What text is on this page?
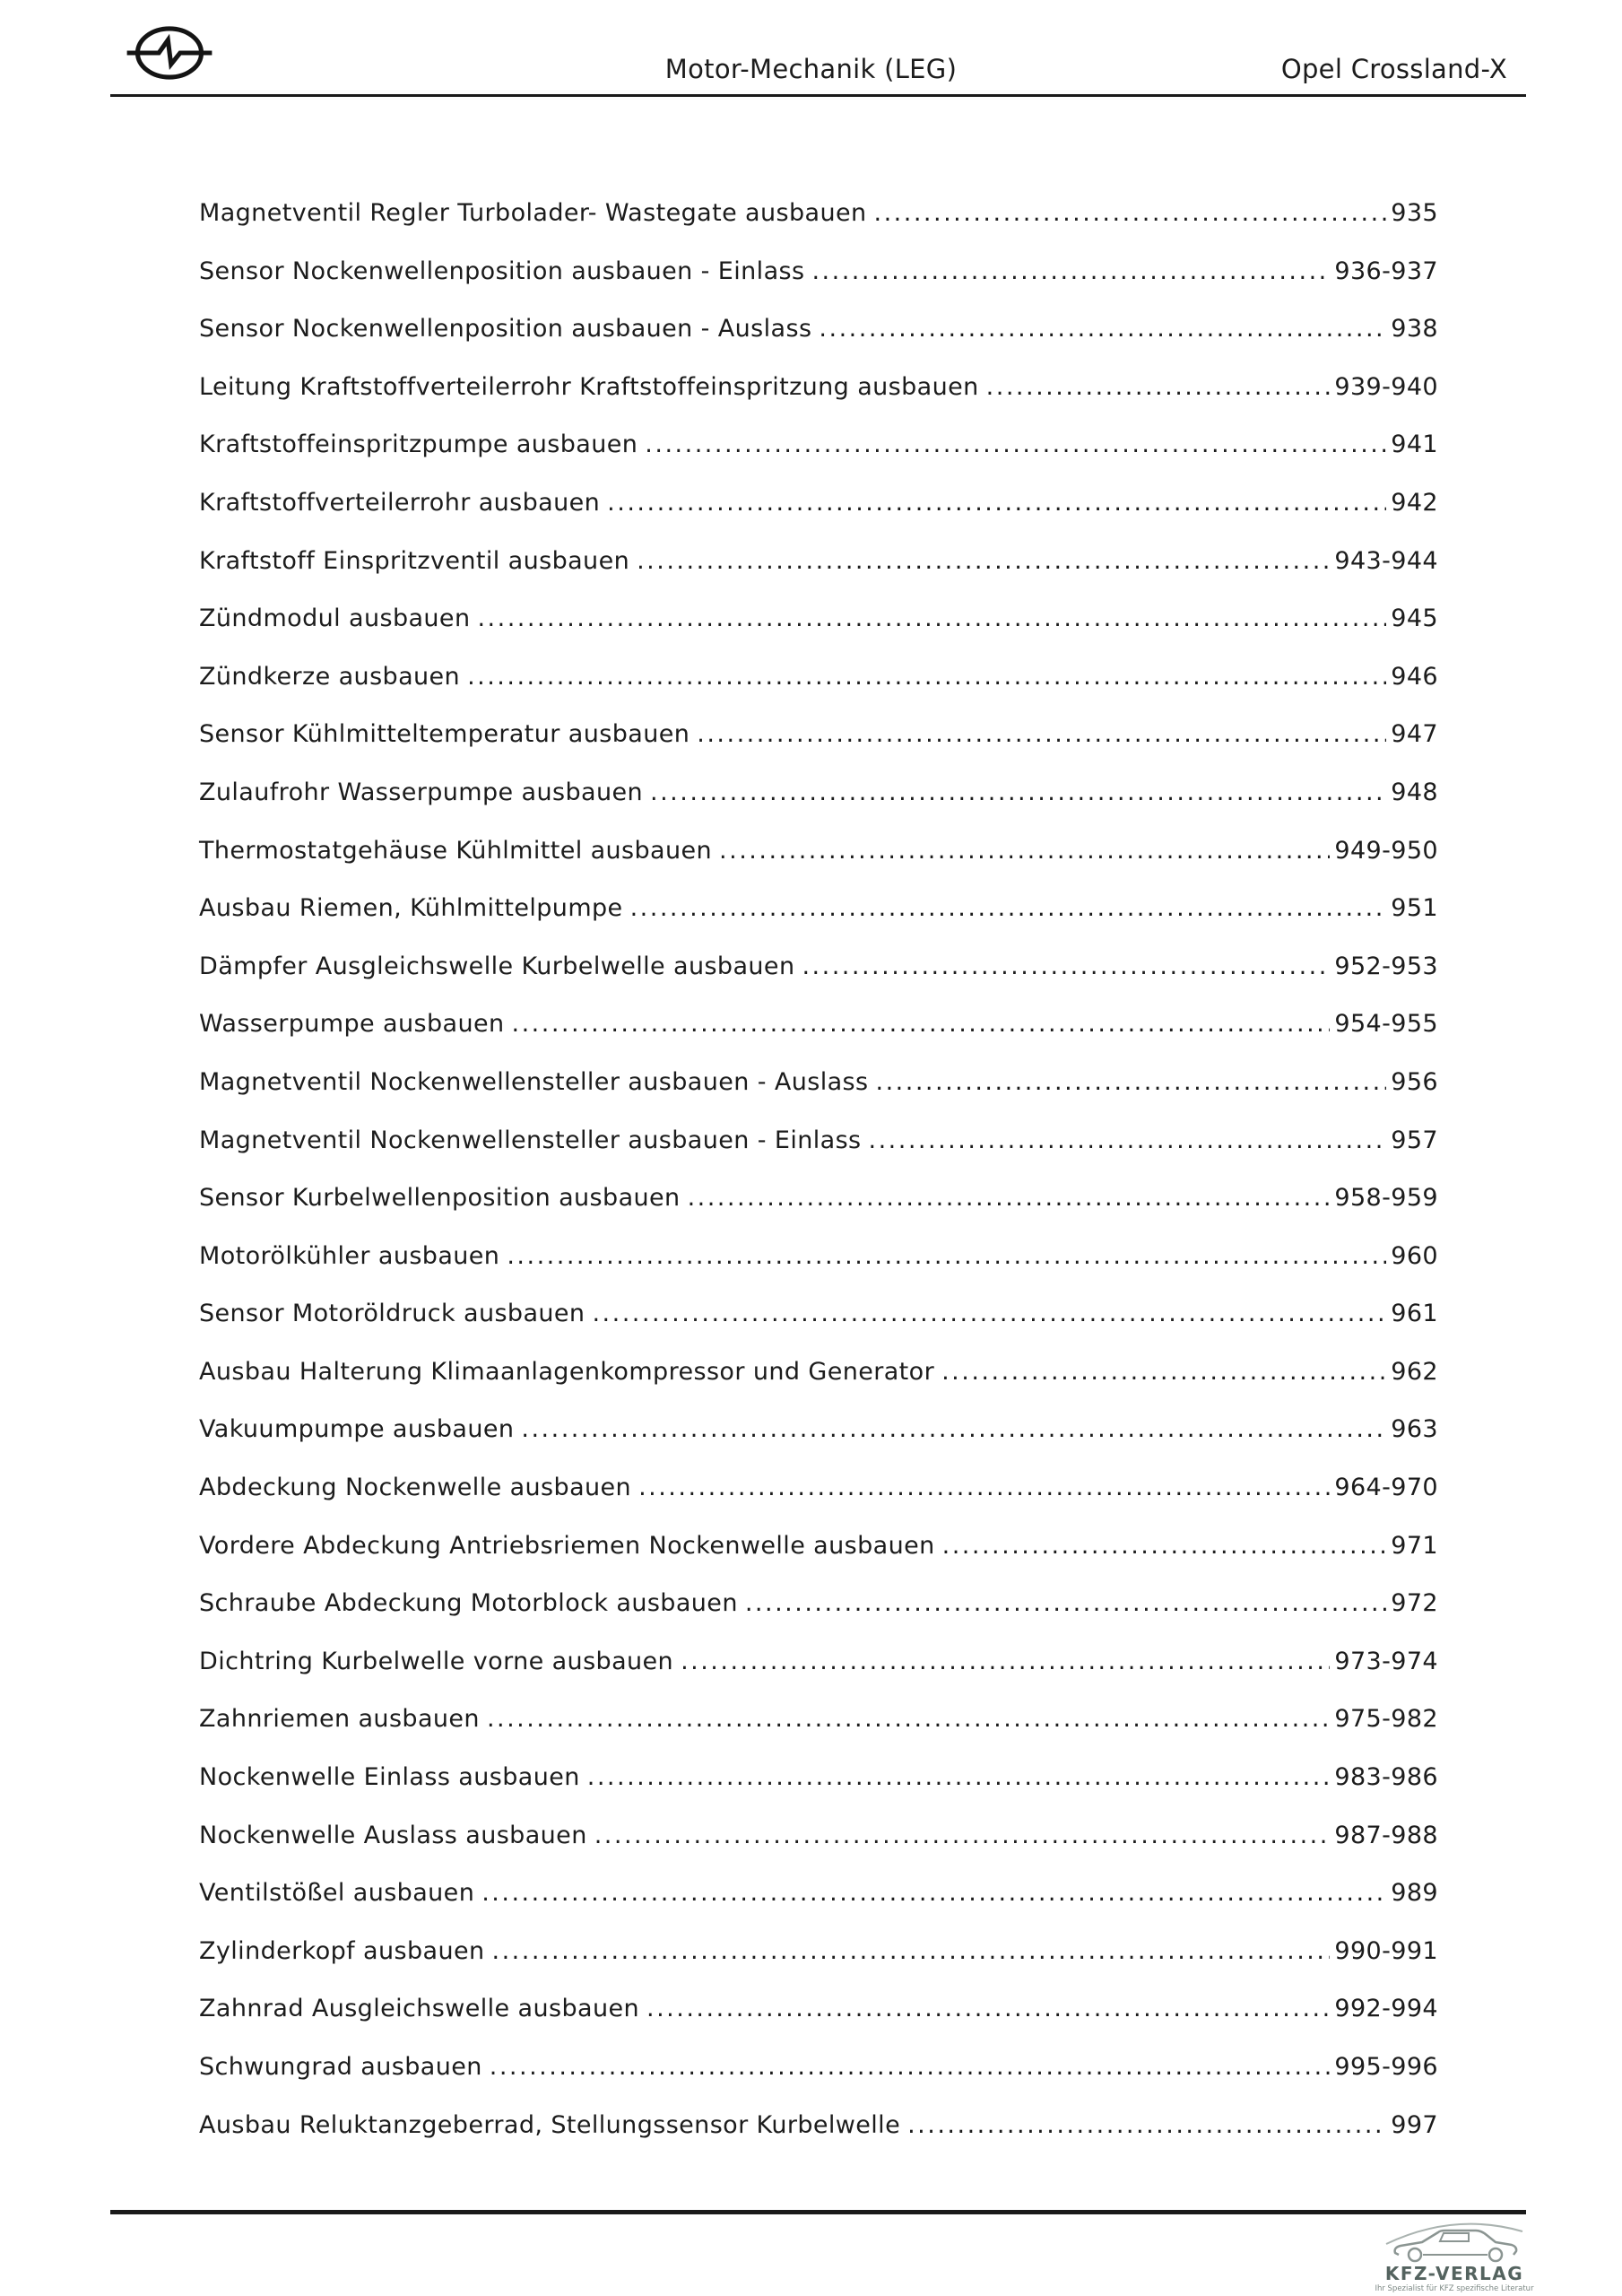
Motor-Mechanik (LEG)	Opel Crossland-X
Magnetventil Regler Turbolader- Wastegate ausbauen .....	935
Sensor Nockenwellenposition ausbauen - Einlass .....	936-937
Sensor Nockenwellenposition ausbauen - Auslass .....	938
Leitung Kraftstoffverteilerrohr Kraftstoffeinspritzung ausbauen .....	939-940
Kraftstoffeinspritzpumpe ausbauen .....	941
Kraftstoffverteilerrohr ausbauen .....	942
Kraftstoff Einspritzventil ausbauen .....	943-944
Zündmodul ausbauen .....	945
Zündkerze ausbauen .....	946
Sensor Kühlmitteltemperatur ausbauen .....	947
Zulaufrohr Wasserpumpe ausbauen .....	948
Thermostatgehäuse Kühlmittel ausbauen .....	949-950
Ausbau Riemen, Kühlmittelpumpe .....	951
Dämpfer Ausgleichswelle Kurbelwelle ausbauen .....	952-953
Wasserpumpe ausbauen .....	954-955
Magnetventil Nockenwellensteller ausbauen - Auslass .....	956
Magnetventil Nockenwellensteller ausbauen - Einlass .....	957
Sensor Kurbelwellenposition ausbauen .....	958-959
Motorölkühler ausbauen .....	960
Sensor Motoröldruck ausbauen .....	961
Ausbau Halterung Klimaanlagenkompressor und Generator .....	962
Vakuumpumpe ausbauen .....	963
Abdeckung Nockenwelle ausbauen .....	964-970
Vordere Abdeckung Antriebsriemen Nockenwelle ausbauen .....	971
Schraube Abdeckung Motorblock ausbauen .....	972
Dichtring Kurbelwelle vorne ausbauen .....	973-974
Zahnriemen ausbauen .....	975-982
Nockenwelle Einlass ausbauen .....	983-986
Nockenwelle Auslass ausbauen .....	987-988
Ventilstößel ausbauen .....	989
Zylinderkopf ausbauen .....	990-991
Zahnrad Ausgleichswelle ausbauen .....	992-994
Schwungrad ausbauen .....	995-996
Ausbau Reluktanzgeberrad, Stellungssensor Kurbelwelle .....	997
KFZ-VERLAG
Ihr Spezialist für KFZ spezifische Literatur
